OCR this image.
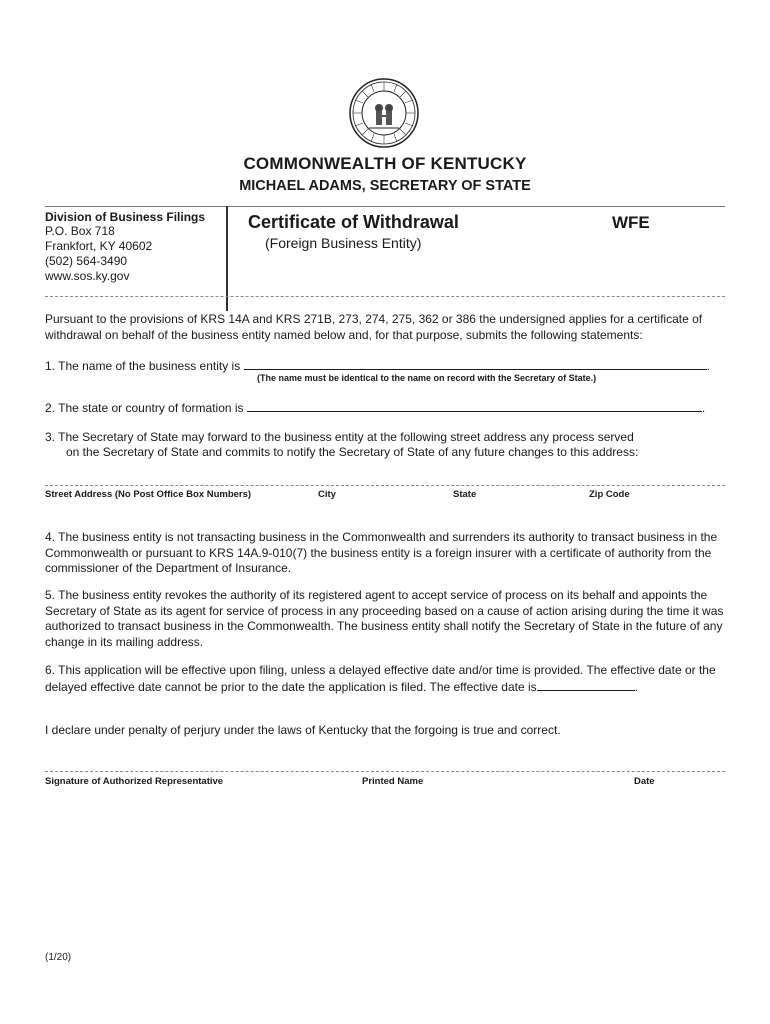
COMMONWEALTH OF KENTUCKY
MICHAEL ADAMS, SECRETARY OF STATE
Division of Business Filings
P.O. Box 718
Frankfort, KY 40602
(502) 564-3490
www.sos.ky.gov
Certificate of Withdrawal
(Foreign Business Entity)
WFE
Pursuant to the provisions of KRS 14A and KRS 271B, 273, 274, 275, 362 or 386 the undersigned applies for a certificate of withdrawal on behalf of the business entity named below and, for that purpose, submits the following statements:
1. The name of the business entity is	.
(The name must be identical to the name on record with the Secretary of State.)
2. The state or country of formation is	.
3. The Secretary of State may forward to the business entity at the following street address any process served
on the Secretary of State and commits to notify the Secretary of State of any future changes to this address:
Street Address (No Post Office Box Numbers)	City	State	Zip Code
4. The business entity is not transacting business in the Commonwealth and surrenders its authority to transact business in the Commonwealth or pursuant to KRS 14A.9-010(7) the business entity is a foreign insurer with a certificate of authority from the commissioner of the Department of Insurance.
5. The business entity revokes the authority of its registered agent to accept service of process on its behalf and appoints the Secretary of State as its agent for service of process in any proceeding based on a cause of action arising during the time it was authorized to transact business in the Commonwealth. The business entity shall notify the Secretary of State in the future of any change in its mailing address.
6. This application will be effective upon filing, unless a delayed effective date and/or time is provided. The effective date or the delayed effective date cannot be prior to the date the application is filed. The effective date is	.
I declare under penalty of perjury under the laws of Kentucky that the forgoing is true and correct.
Signature of Authorized Representative	Printed Name	Date
(1/20)
